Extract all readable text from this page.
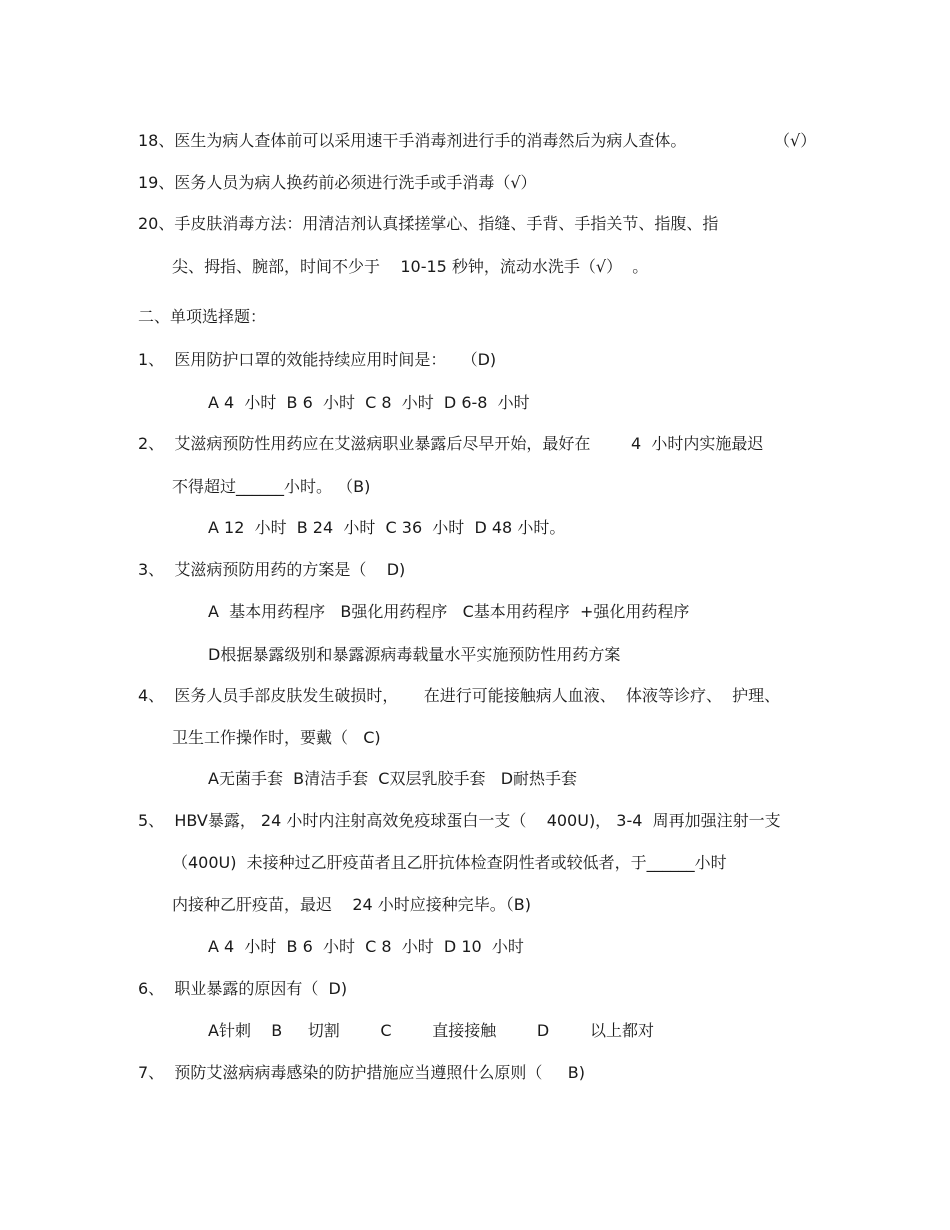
18、医生为病人查体前可以采用速干手消毒剂进行手的消毒然后为病人查体。	（√）
19、医务人员为病人换药前必须进行洗手或手消毒（√）
20、手皮肤消毒方法：用清洁剂认真揉搓掌心、指缝、手背、手指关节、指腹、指
尖、拇指、腕部，时间不少于    10-15 秒钟，流动水洗手（√）  。
二、单项选择题：
1、  医用防护口罩的效能持续应用时间是：   （D)
A 4  小时  B 6  小时  C 8  小时  D 6-8  小时
2、  艾滋病预防性用药应在艾滋病职业暴露后尽早开始，最好在        4  小时内实施最迟
不得超过______小时。 （B)
A 12  小时  B 24  小时  C 36  小时  D 48 小时。
3、  艾滋病预防用药的方案是（    D)
A  基本用药程序   B强化用药程序   C基本用药程序  +强化用药程序
D根据暴露级别和暴露源病毒载量水平实施预防性用药方案
4、  医务人员手部皮肤发生破损时，     在进行可能接触病人血液、  体液等诊疗、  护理、
卫生工作操作时，要戴（   C)
A无菌手套  B清洁手套  C双层乳胶手套   D耐热手套
5、  HBV暴露， 24 小时内注射高效免疫球蛋白一支（    400U)， 3-4  周再加强注射一支
（400U)  未接种过乙肝疫苗者且乙肝抗体检查阴性者或较低者，于______小时
内接种乙肝疫苗，最迟    24 小时应接种完毕。（B)
A 4  小时  B 6  小时  C 8  小时  D 10  小时
6、  职业暴露的原因有（  D)
A针刺    B     切割        C        直接接触        D        以上都对
7、  预防艾滋病病毒感染的防护措施应当遵照什么原则（     B)
